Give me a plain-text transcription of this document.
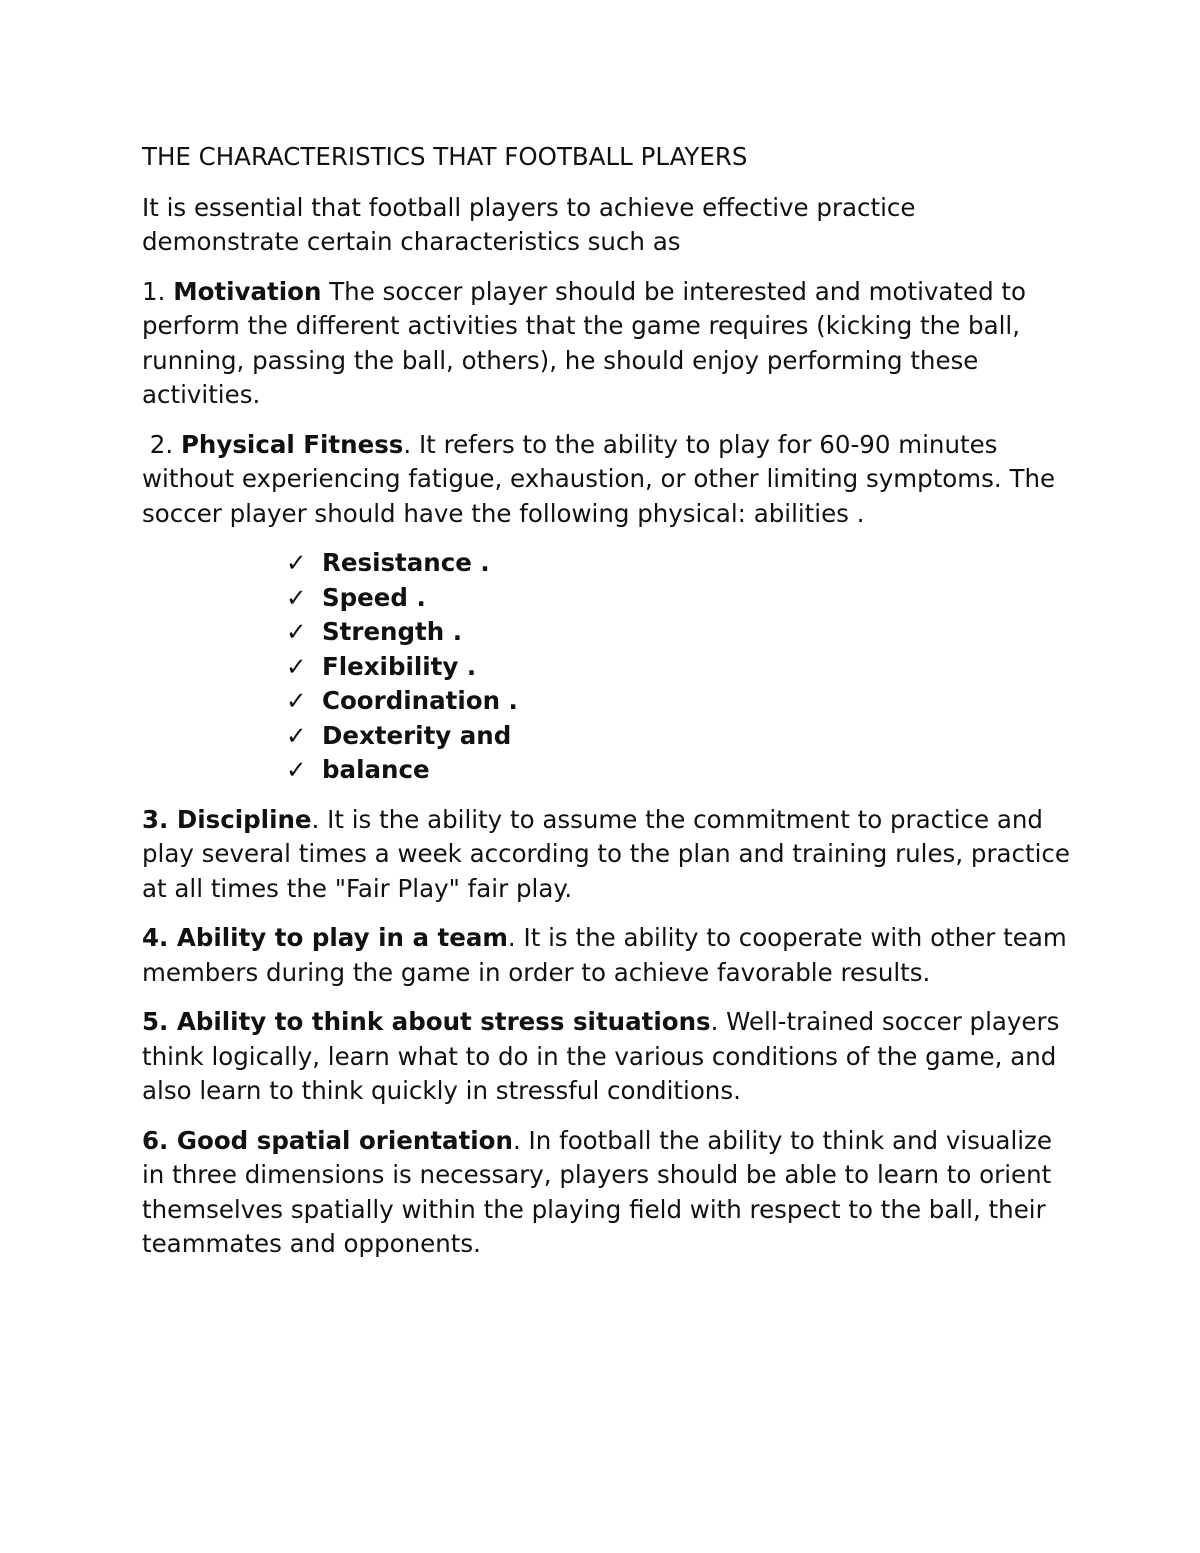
THE CHARACTERISTICS THAT FOOTBALL PLAYERS

It is essential that football players to achieve effective practice demonstrate certain characteristics such as

1. Motivation The soccer player should be interested and motivated to perform the different activities that the game requires (kicking the ball, running, passing the ball, others), he should enjoy performing these activities.

2. Physical Fitness. It refers to the ability to play for 60-90 minutes without experiencing fatigue, exhaustion, or other limiting symptoms. The soccer player should have the following physical: abilities .

✓ Resistance .
✓ Speed .
✓ Strength .
✓ Flexibility .
✓ Coordination .
✓ Dexterity and
✓ balance

3. Discipline. It is the ability to assume the commitment to practice and play several times a week according to the plan and training rules, practice at all times the "Fair Play" fair play.

4. Ability to play in a team. It is the ability to cooperate with other team members during the game in order to achieve favorable results.

5. Ability to think about stress situations. Well-trained soccer players think logically, learn what to do in the various conditions of the game, and also learn to think quickly in stressful conditions.

6. Good spatial orientation. In football the ability to think and visualize in three dimensions is necessary, players should be able to learn to orient themselves spatially within the playing field with respect to the ball, their teammates and opponents.
